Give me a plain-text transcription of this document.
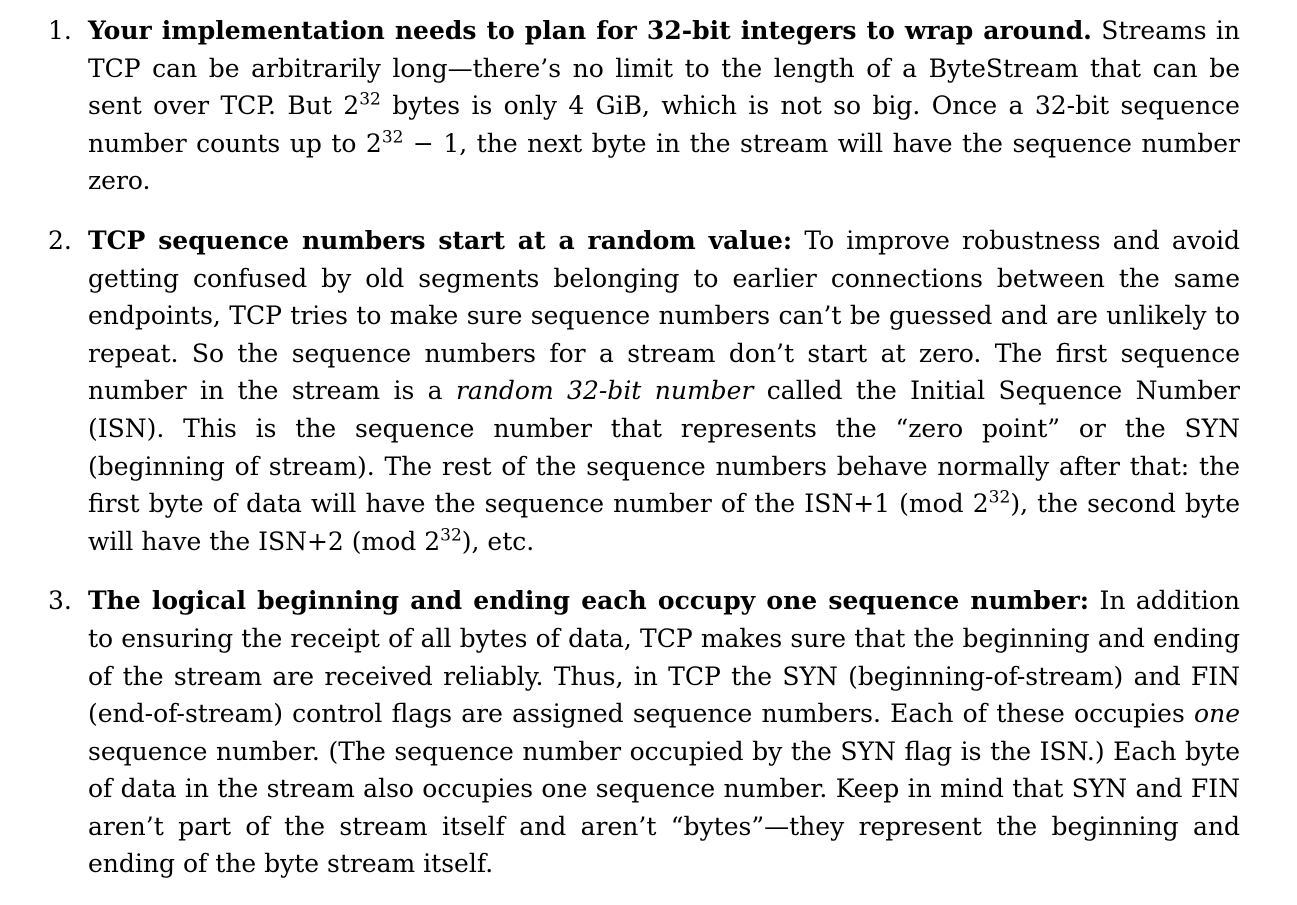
1. Your implementation needs to plan for 32-bit integers to wrap around. Streams in TCP can be arbitrarily long—there’s no limit to the length of a ByteStream that can be sent over TCP. But $2^{32}$ bytes is only 4 GiB, which is not so big. Once a 32-bit sequence number counts up to $2^{32} - 1$, the next byte in the stream will have the sequence number zero.
2. TCP sequence numbers start at a random value: To improve robustness and avoid getting confused by old segments belonging to earlier connections between the same endpoints, TCP tries to make sure sequence numbers can’t be guessed and are unlikely to repeat. So the sequence numbers for a stream don’t start at zero. The first sequence number in the stream is a random 32-bit number called the Initial Sequence Number (ISN). This is the sequence number that represents the “zero point” or the SYN (beginning of stream). The rest of the sequence numbers behave normally after that: the first byte of data will have the sequence number of the ISN+1 (mod $2^{32}$), the second byte will have the ISN+2 (mod $2^{32}$), etc.
3. The logical beginning and ending each occupy one sequence number: In addition to ensuring the receipt of all bytes of data, TCP makes sure that the beginning and ending of the stream are received reliably. Thus, in TCP the SYN (beginning-of-stream) and FIN (end-of-stream) control flags are assigned sequence numbers. Each of these occupies one sequence number. (The sequence number occupied by the SYN flag is the ISN.) Each byte of data in the stream also occupies one sequence number. Keep in mind that SYN and FIN aren’t part of the stream itself and aren’t “bytes”—they represent the beginning and ending of the byte stream itself.
